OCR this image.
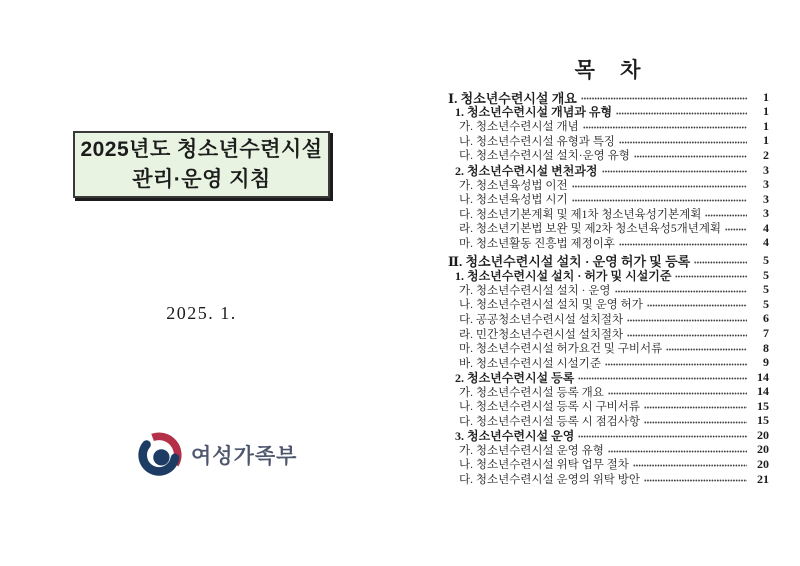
2025년도 청소년수련시설
관리·운영 지침
2025. 1.
여성가족부
목 차
Ⅰ. 청소년수련시설 개요	1
1. 청소년수련시설 개념과 유형	1
가. 청소년수련시설 개념	1
나. 청소년수련시설 유형과 특징	1
다. 청소년수련시설 설치·운영 유형	2
2. 청소년수련시설 변천과정	3
가. 청소년육성법 이전	3
나. 청소년육성법 시기	3
다. 청소년기본계획 및 제1차 청소년육성기본계획	3
라. 청소년기본법 보완 및 제2차 청소년육성5개년계획	4
마. 청소년활동 진흥법 제정이후	4
Ⅱ. 청소년수련시설 설치 · 운영 허가 및 등록	5
1. 청소년수련시설 설치 · 허가 및 시설기준	5
가. 청소년수련시설 설치 · 운영	5
나. 청소년수련시설 설치 및 운영 허가	5
다. 공공청소년수련시설 설치절차	6
라. 민간청소년수련시설 설치절차	7
마. 청소년수련시설 허가요건 및 구비서류	8
바. 청소년수련시설 시설기준	9
2. 청소년수련시설 등록	14
가. 청소년수련시설 등록 개요	14
나. 청소년수련시설 등록 시 구비서류	15
다. 청소년수련시설 등록 시 점검사항	15
3. 청소년수련시설 운영	20
가. 청소년수련시설 운영 유형	20
나. 청소년수련시설 위탁 업무 절차	20
다. 청소년수련시설 운영의 위탁 방안	21
